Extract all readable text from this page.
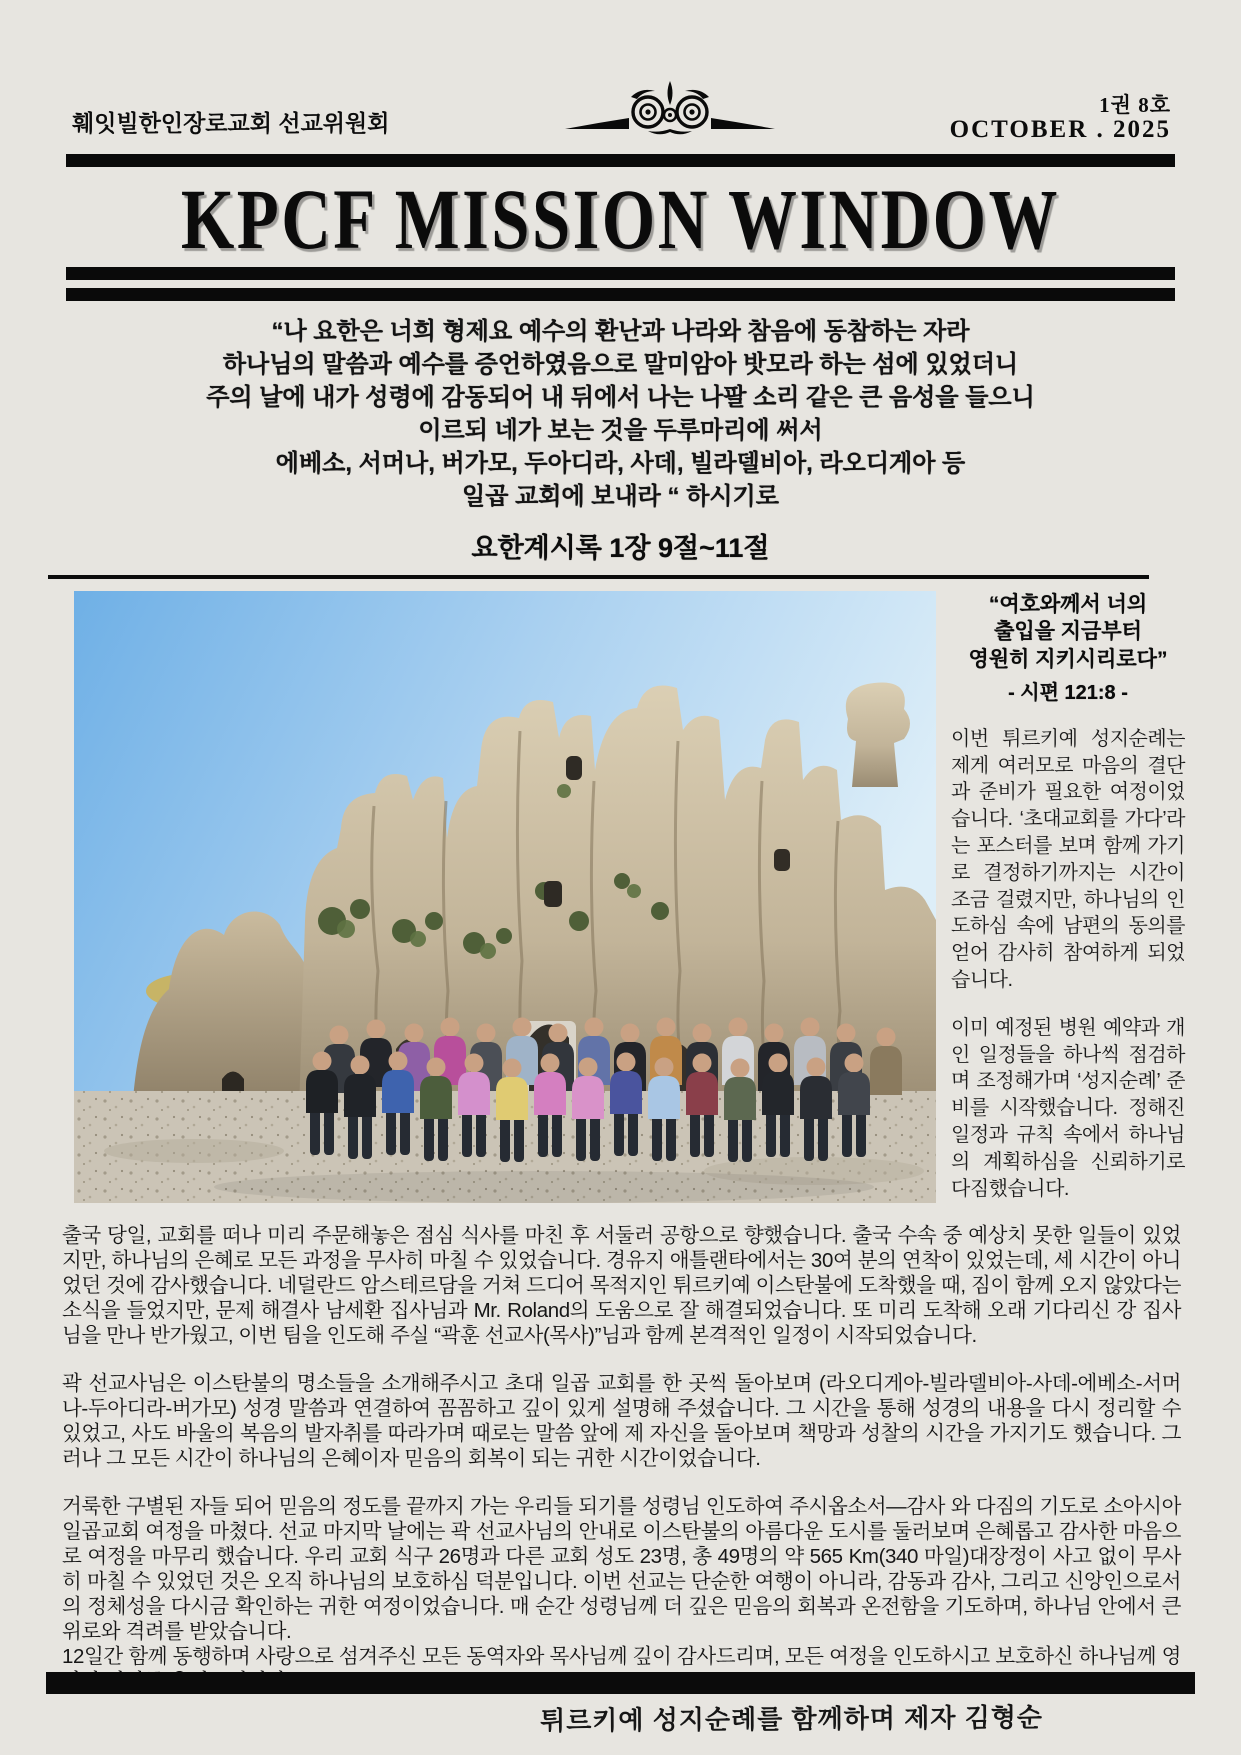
훼잇빌한인장로교회 선교위원회
1권 8호
OCTOBER . 2025
KPCF MISSION WINDOW
“나 요한은 너희 형제요 예수의 환난과 나라와 참음에 동참하는 자라
하나님의 말씀과 예수를 증언하였음으로 말미암아 밧모라 하는 섬에 있었더니
주의 날에 내가 성령에 감동되어 내 뒤에서 나는 나팔 소리 같은 큰 음성을 들으니
이르되 네가 보는 것을 두루마리에 써서
에베소, 서머나, 버가모, 두아디라, 사데, 빌라델비아, 라오디게아 등
일곱 교회에 보내라 “ 하시기로
요한계시록 1장 9절~11절
“여호와께서 너의
출입을 지금부터
영원히 지키시리로다”
- 시편 121:8 -
이번 튀르키예 성지순례는 제게 여러모로 마음의 결단과 준비가 필요한 여정이었습니다. ‘초대교회를 가다’라는 포스터를 보며 함께 가기로 결정하기까지는 시간이 조금 걸렸지만, 하나님의 인도하심 속에 남편의 동의를 얻어 감사히 참여하게 되었습니다.
이미 예정된 병원 예약과 개인 일정들을 하나씩 점검하며 조정해가며 ‘성지순례’ 준비를 시작했습니다. 정해진 일정과 규칙 속에서 하나님의 계획하심을 신뢰하기로 다짐했습니다.

출국 당일, 교회를 떠나 미리 주문해놓은 점심 식사를 마친 후 서둘러 공항으로 향했습니다. 출국 수속 중 예상치 못한 일들이 있었지만, 하나님의 은혜로 모든 과정을 무사히 마칠 수 있었습니다. 경유지 애틀랜타에서는 30여 분의 연착이 있었는데, 세 시간이 아니었던 것에 감사했습니다. 네덜란드 암스테르담을 거쳐 드디어 목적지인 튀르키예 이스탄불에 도착했을 때, 짐이 함께 오지 않았다는 소식을 들었지만, 문제 해결사 남세환 집사님과 Mr. Roland의 도움으로 잘 해결되었습니다. 또 미리 도착해 오래 기다리신 강 집사님을 만나 반가웠고, 이번 팀을 인도해 주실 “곽훈 선교사(목사)”님과 함께 본격적인 일정이 시작되었습니다.

곽 선교사님은 이스탄불의 명소들을 소개해주시고 초대 일곱 교회를 한 곳씩 돌아보며 (라오디게아-빌라델비아-사데-에베소-서머나-두아디라-버가모) 성경 말씀과 연결하여 꼼꼼하고 깊이 있게 설명해 주셨습니다. 그 시간을 통해 성경의 내용을 다시 정리할 수 있었고, 사도 바울의 복음의 발자취를 따라가며 때로는 말씀 앞에 제 자신을 돌아보며 책망과 성찰의 시간을 가지기도 했습니다. 그러나 그 모든 시간이 하나님의 은혜이자 믿음의 회복이 되는 귀한 시간이었습니다.

거룩한 구별된 자들 되어 믿음의 정도를 끝까지 가는 우리들 되기를 성령님 인도하여 주시옵소서—감사 와 다짐의 기도로 소아시아 일곱교회 여정을 마쳤다. 선교 마지막 날에는 곽 선교사님의 안내로 이스탄불의 아름다운 도시를 둘러보며 은혜롭고 감사한 마음으로 여정을 마무리 했습니다. 우리 교회 식구 26명과 다른 교회 성도 23명, 총 49명의 약 565 Km(340 마일)대장정이 사고 없이 무사히 마칠 수 있었던 것은 오직 하나님의 보호하심 덕분입니다. 이번 선교는 단순한 여행이 아니라, 감동과 감사, 그리고 신앙인으로서의 정체성을 다시금 확인하는 귀한 여정이었습니다. 매 순간 성령님께 더 깊은 믿음의 회복과 온전함을 기도하며, 하나님 안에서 큰 위로와 격려를 받았습니다.

12일간 함께 동행하며 사랑으로 섬겨주신 모든 동역자와 목사님께 깊이 감사드리며, 모든 여정을 인도하시고 보호하신 하나님께 영

튀르키예 성지순례를 함께하며 제자 김형순
